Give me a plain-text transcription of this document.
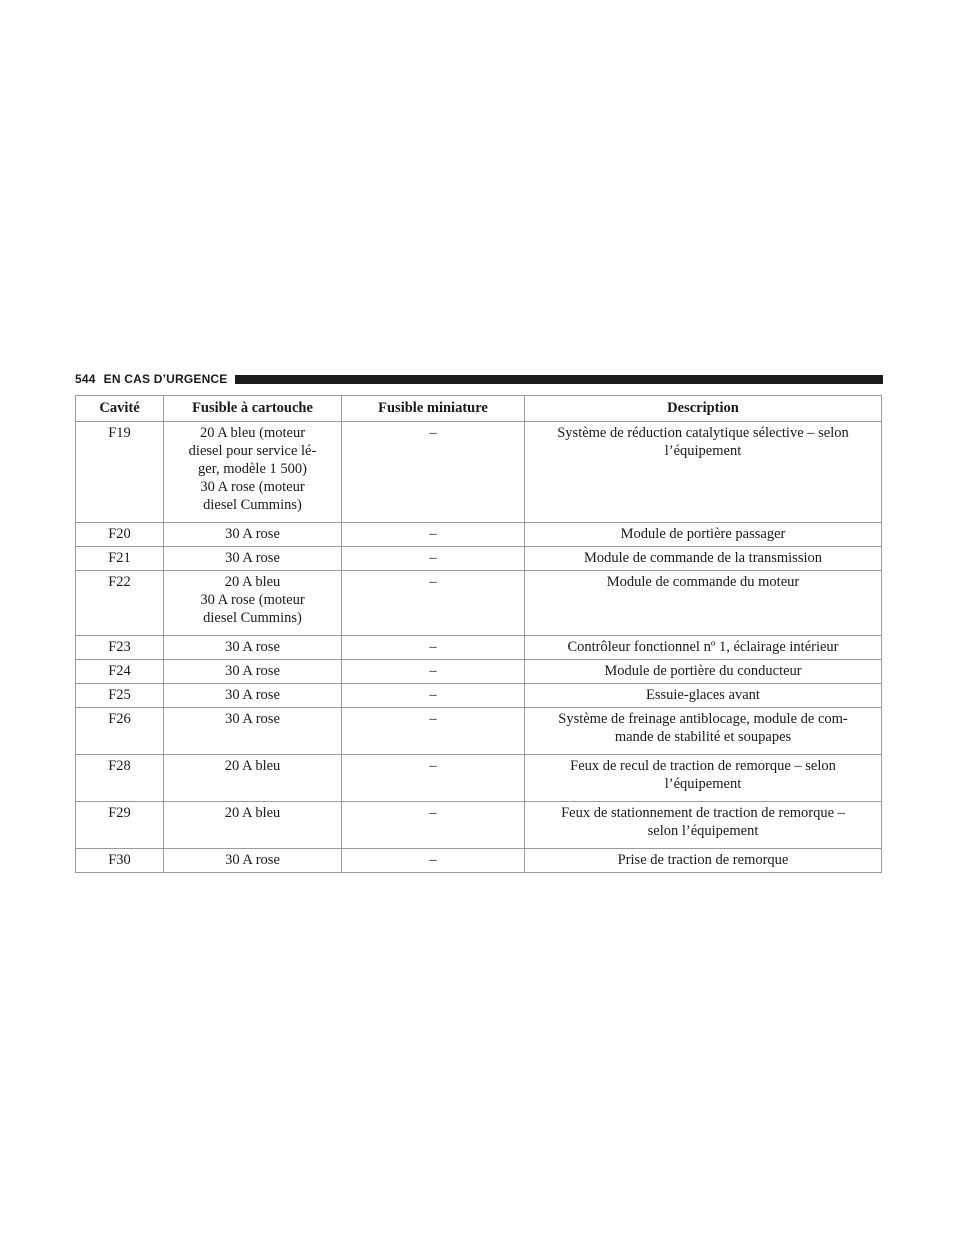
544 EN CAS D’URGENCE
Cavité	Fusible à cartouche	Fusible miniature	Description
F19	20 A bleu (moteur
diesel pour service lé-
ger, modèle 1 500)
30 A rose (moteur
diesel Cummins)	–	Système de réduction catalytique sélective – selon
l’équipement

F20	30 A rose	–	Module de portière passager

F21	30 A rose	–	Module de commande de la transmission

F22	20 A bleu
30 A rose (moteur
diesel Cummins)	–	Module de commande du moteur

F23	30 A rose	–	Contrôleur fonctionnel nº 1, éclairage intérieur

F24	30 A rose	–	Module de portière du conducteur

F25	30 A rose	–	Essuie-glaces avant

F26	30 A rose	–	Système de freinage antiblocage, module de com-
mande de stabilité et soupapes

F28	20 A bleu	–	Feux de recul de traction de remorque – selon
l’équipement

F29	20 A bleu	–	Feux de stationnement de traction de remorque –
selon l’équipement

F30	30 A rose	–	Prise de traction de remorque
